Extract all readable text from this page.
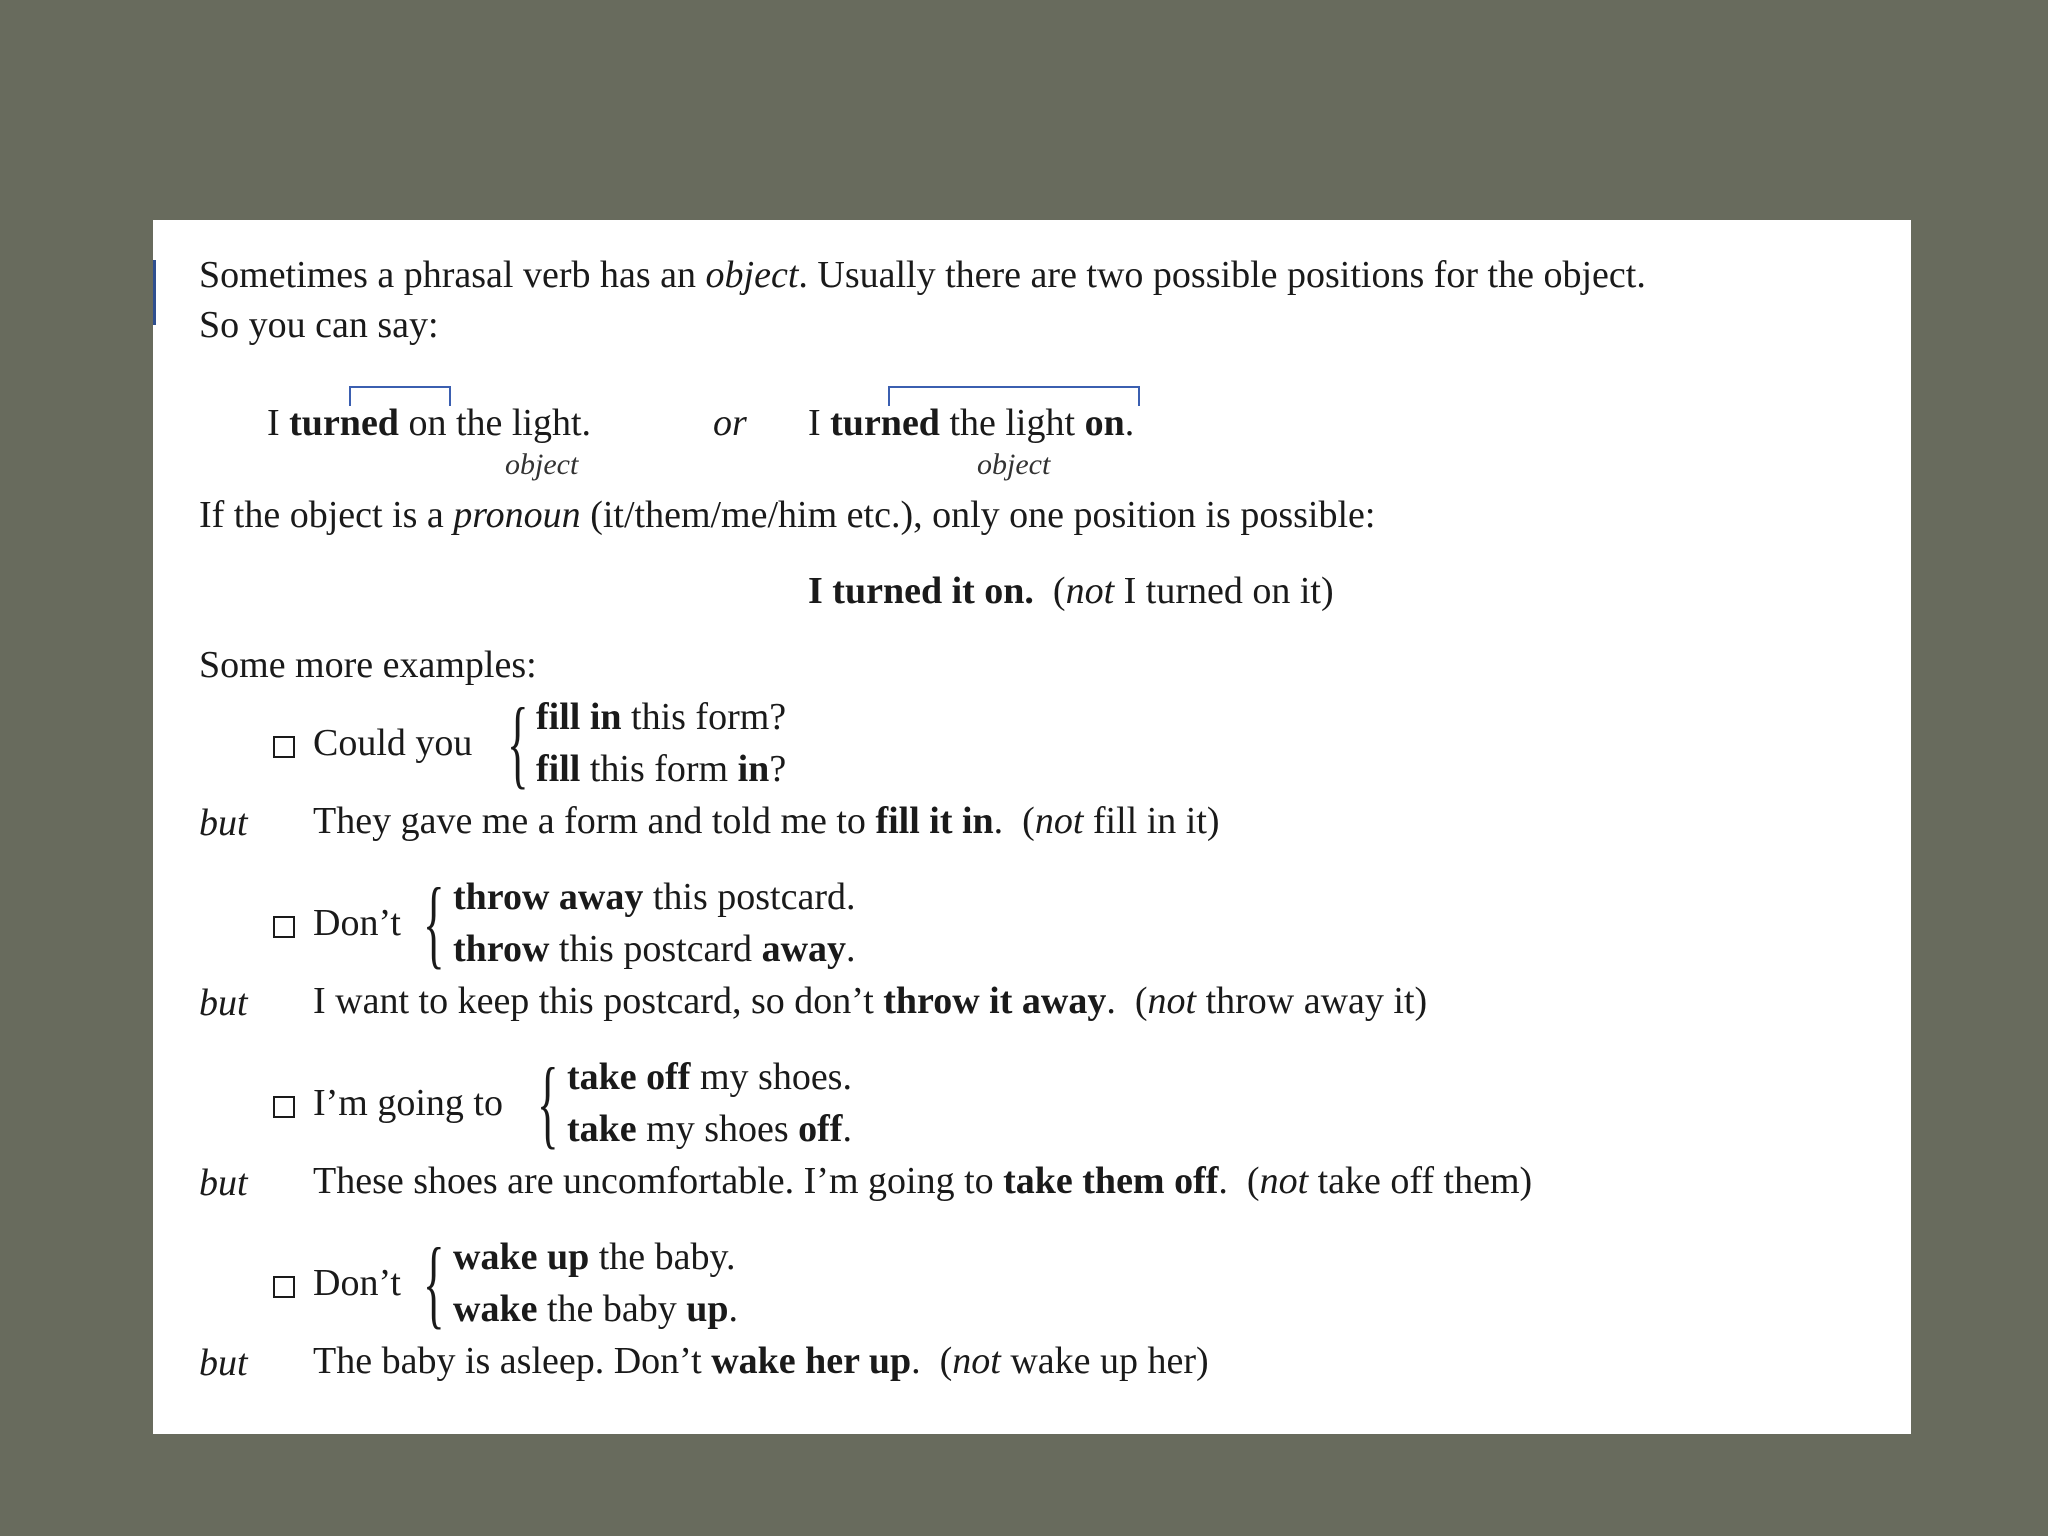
Sometimes a phrasal verb has an object. Usually there are two possible positions for the object.
So you can say:
I turned on the light.
object
or I turned the light on.
object
If the object is a pronoun (it/them/me/him etc.), only one position is possible:
I turned it on. (not I turned on it)
Some more examples:
Could you { fill in this form?
fill this form in?
but They gave me a form and told me to fill it in.  (not fill in it)
Don’t { throw away this postcard.
throw this postcard away.
but I want to keep this postcard, so don’t throw it away.  (not throw away it)
I’m going to { take off my shoes.
take my shoes off.
but These shoes are uncomfortable. I’m going to take them off.  (not take off them)
Don’t { wake up the baby.
wake the baby up.
but The baby is asleep. Don’t wake her up.  (not wake up her)
